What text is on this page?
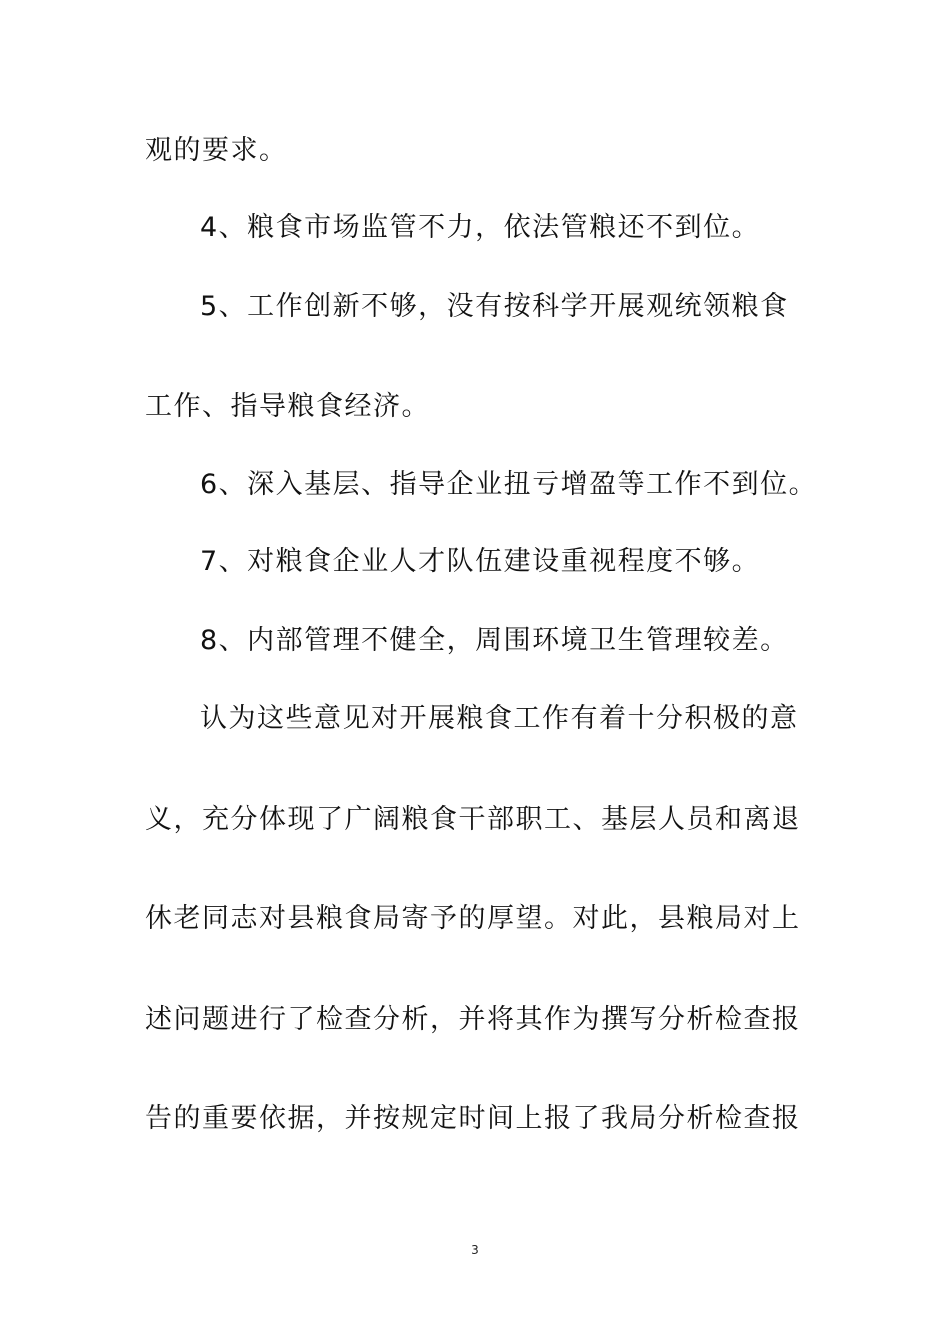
观的要求。
4、粮食市场监管不力，依法管粮还不到位。
5、工作创新不够，没有按科学开展观统领粮食
工作、指导粮食经济。
6、深入基层、指导企业扭亏增盈等工作不到位。
7、对粮食企业人才队伍建设重视程度不够。
8、内部管理不健全，周围环境卫生管理较差。
认为这些意见对开展粮食工作有着十分积极的意
义，充分体现了广阔粮食干部职工、基层人员和离退
休老同志对县粮食局寄予的厚望。对此，县粮局对上
述问题进行了检查分析，并将其作为撰写分析检查报
告的重要依据，并按规定时间上报了我局分析检查报
3
